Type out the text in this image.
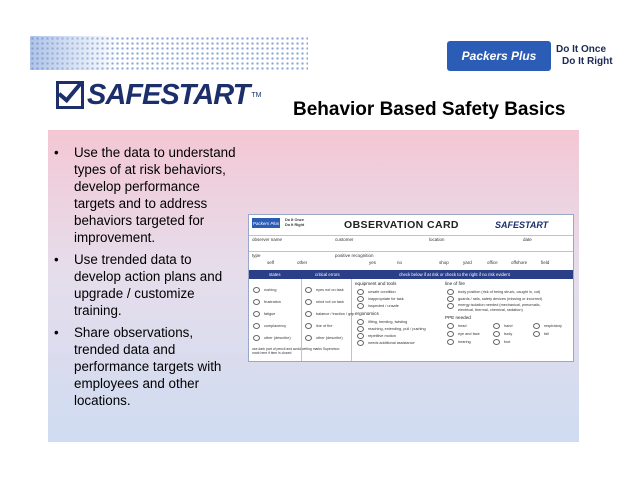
SAFESTART TM
Packers Plus	Do It Once
Do It Right
Behavior Based Safety Basics
•	Use the data to understand types of at risk behaviors, develop performance targets and to address behaviors targeted for improvement.
•	Use trended data to develop action plans and upgrade / customize training.
•	Share observations, trended data and performance targets with employees and other locations.
Packers Plus
Do It Once
Do It Right	OBSERVATION CARD	SAFESTART
observer name	customer	location	date
type
self	other
positive recognition
yes	no	shop	yard	office	offshore	field
states	critical errors	check below if at risk or check to the right if no risk evident
rushing
frustration
fatigue
complacency
other (describe)
eyes not on task
mind not on task
balance / traction / grip
line of fire
other (describe)
equipment and tools
unsafe condition
inappropriate for task
inspected / unsafe
ergonomics
lifting, bending, twisting
reaching, extending, pull / pushing
repetitive motion
needs additional assistance
line of fire
body position (risk of being struck, caught in, cut)
guards / rails, safety devices (missing or incorrect)
energy isolation needed (mechanical, pneumatic, electrical, thermal, chemical, radiation)
PPE needed
head	hand	respiratory
eye and face	body	fall
hearing	foot
use dark part of pencil and avoid writing marks Supervisor: mark here if item is closed
